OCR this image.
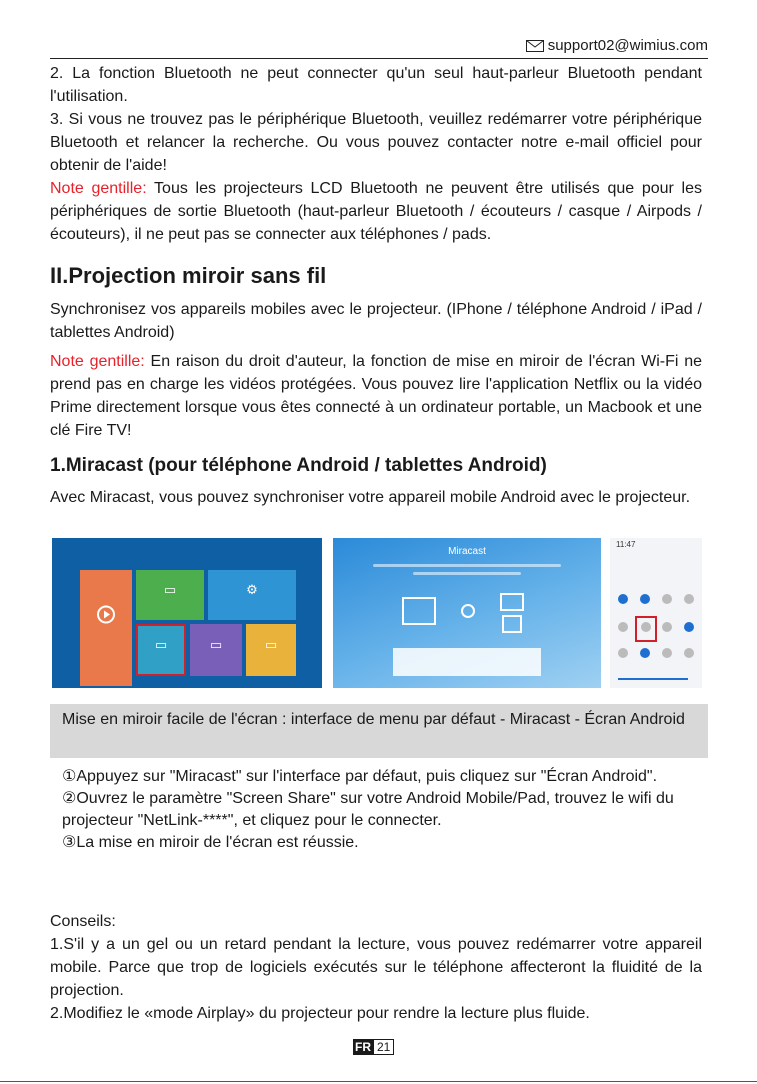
support02@wimius.com

2. La fonction Bluetooth ne peut connecter qu'un seul haut-parleur Bluetooth pendant l'utilisation.

3. Si vous ne trouvez pas le périphérique Bluetooth, veuillez redémarrer votre périphérique Bluetooth et relancer la recherche. Ou vous pouvez contacter notre e-mail officiel pour obtenir de l'aide!

Note gentille: Tous les projecteurs LCD Bluetooth ne peuvent être utilisés que pour les périphériques de sortie Bluetooth (haut-parleur Bluetooth / écouteurs / casque / Airpods / écouteurs), il ne peut pas se connecter aux téléphones / pads.

II.Projection miroir sans fil

Synchronisez vos appareils mobiles avec le projecteur. (IPhone / téléphone Android / iPad / tablettes Android)

Note gentille: En raison du droit d'auteur, la fonction de mise en miroir de l'écran Wi-Fi ne prend pas en charge les vidéos protégées. Vous pouvez lire l'application Netflix ou la vidéo Prime directement lorsque vous êtes connecté à un ordinateur portable, un Macbook et une clé Fire TV!

1.Miracast (pour téléphone Android / tablettes Android)

Avec Miracast, vous pouvez synchroniser votre appareil mobile Android avec le projecteur.

▭	⚙
▭	▭	▭
Miracast
11:47
Mise en miroir facile de l'écran : interface de menu par défaut - Miracast - Écran Android
①Appuyez sur "Miracast" sur l'interface par défaut, puis cliquez sur "Écran Android".
②Ouvrez le paramètre "Screen Share" sur votre Android Mobile/Pad, trouvez le wifi du projecteur "NetLink-****", et cliquez pour le connecter.
③La mise en miroir de l'écran est réussie.

Conseils:

1.S'il y a un gel ou un retard pendant la lecture, vous pouvez redémarrer votre appareil mobile. Parce que trop de logiciels exécutés sur le téléphone affecteront la fluidité de la projection.

2.Modifiez le «mode Airplay» du projecteur pour rendre la lecture plus fluide.

FR 21
